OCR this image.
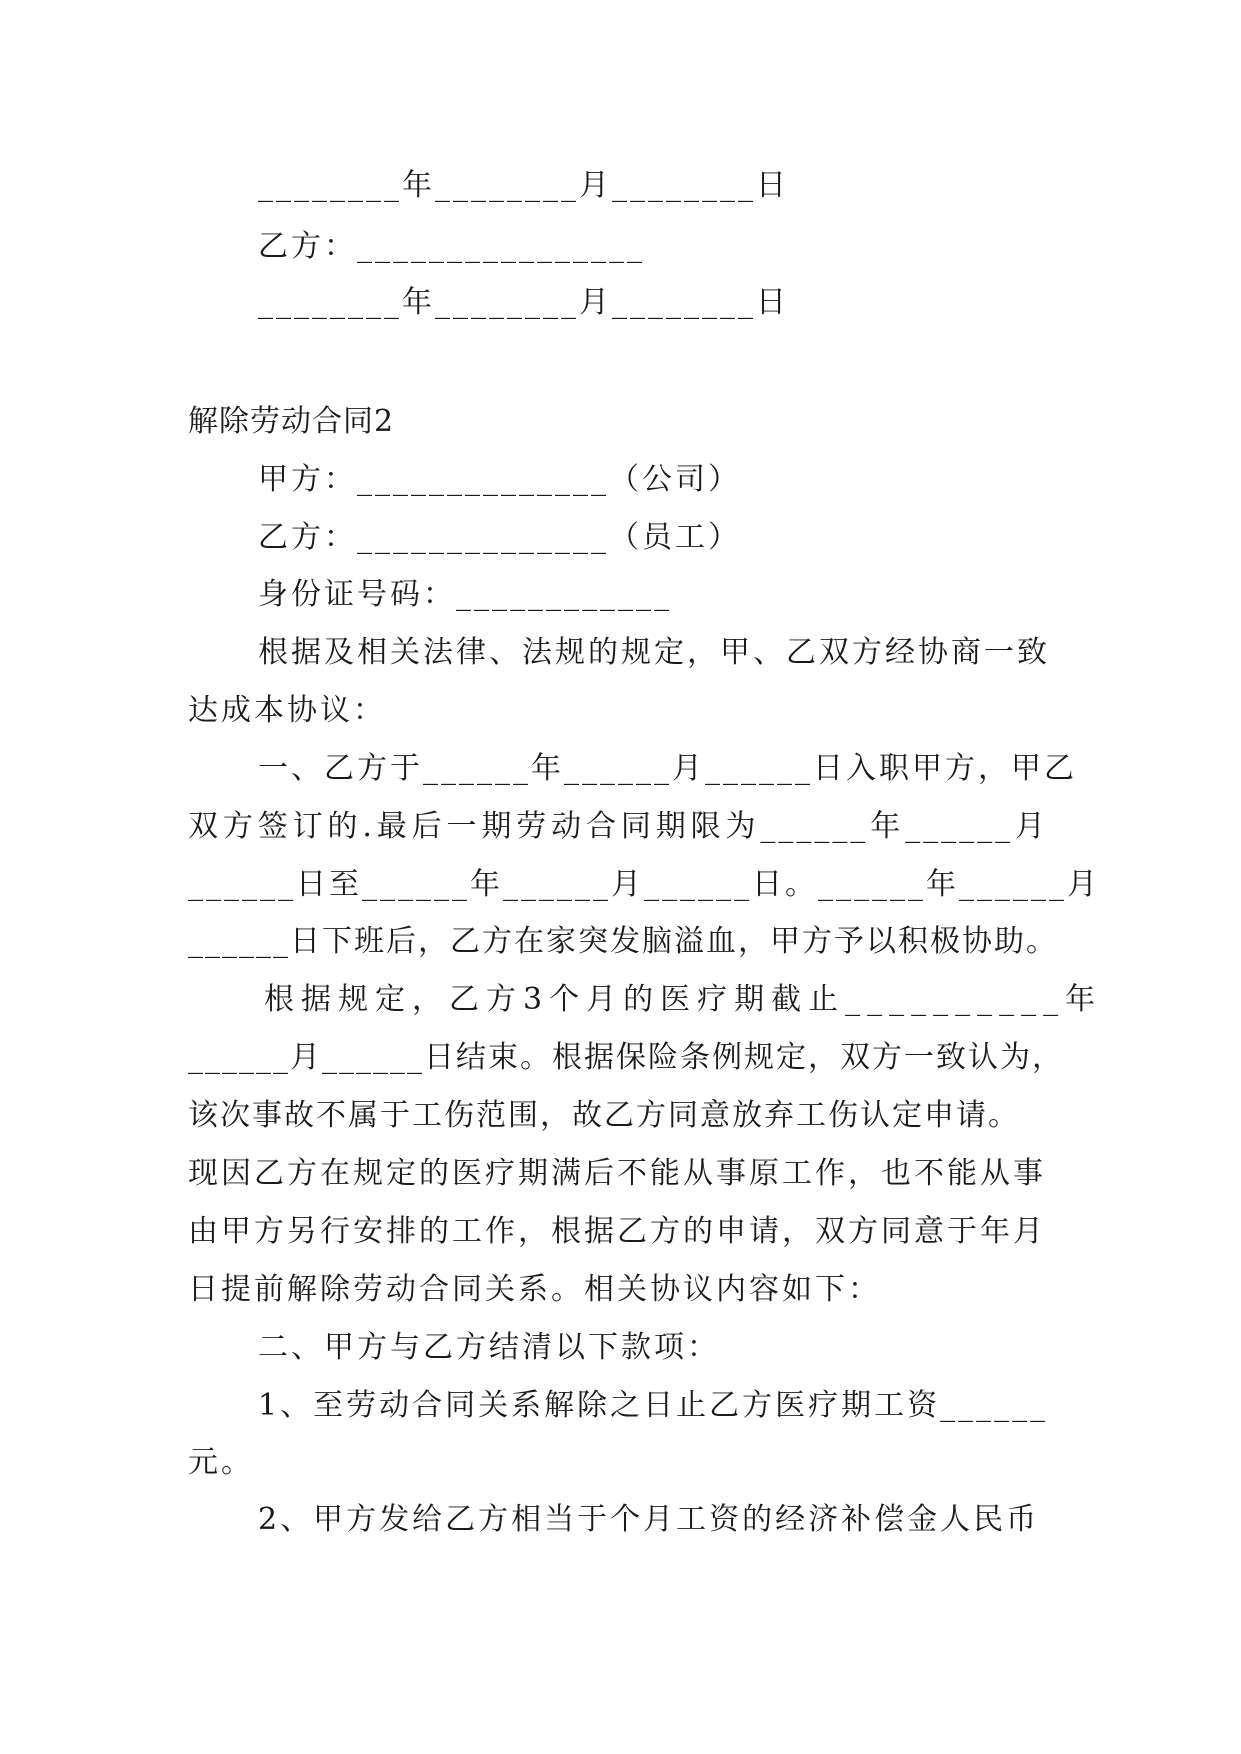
________年________月________日
乙方：________________
________年________月________日
解除劳动合同2
甲方：______________（公司）
乙方：______________（员工）
身份证号码：____________
根据及相关法律、法规的规定，甲、乙双方经协商一致
达成本协议：
一、乙方于______年______月______日入职甲方，甲乙
双方签订的.最后一期劳动合同期限为______年______月
______日至______年______月______日。______年______月
______日下班后，乙方在家突发脑溢血，甲方予以积极协助。
根据规定，乙方3个月的医疗期截止__________年
______月______日结束。根据保险条例规定，双方一致认为，
该次事故不属于工伤范围，故乙方同意放弃工伤认定申请。
现因乙方在规定的医疗期满后不能从事原工作，也不能从事
由甲方另行安排的工作，根据乙方的申请，双方同意于年月
日提前解除劳动合同关系。相关协议内容如下：
二、甲方与乙方结清以下款项：
1、至劳动合同关系解除之日止乙方医疗期工资______
元。
2、甲方发给乙方相当于个月工资的经济补偿金人民币
